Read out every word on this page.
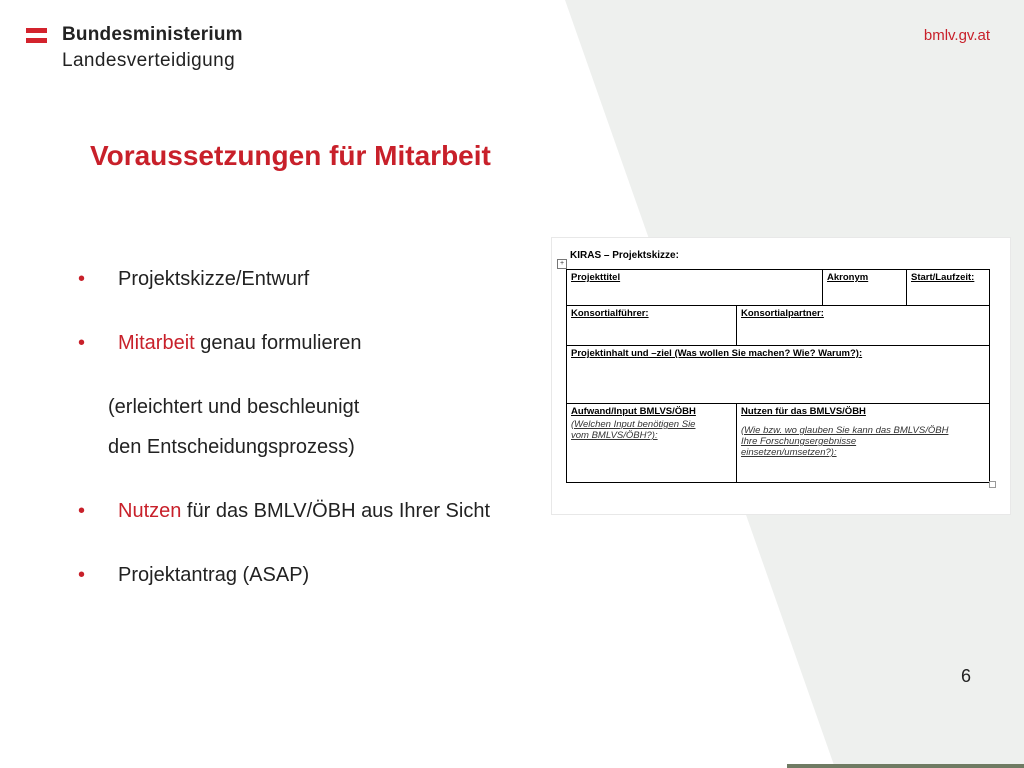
Bundesministerium
Landesverteidigung
bmlv.gv.at
Voraussetzungen für Mitarbeit
• Projektskizze/Entwurf
• Mitarbeit genau formulieren
(erleichtert und beschleunigt
den Entscheidungsprozess)
• Nutzen für das BMLV/ÖBH aus Ihrer Sicht
• Projektantrag (ASAP)
+
KIRAS – Projektskizze:
Projekttitel	Akronym	Start/Laufzeit:
Konsortialführer:	Konsortialpartner:
Projektinhalt und –ziel (Was wollen Sie machen? Wie? Warum?):
Aufwand/Input BMLVS/ÖBH
(Welchen Input benötigen Sie
vom BMLVS/ÖBH?):
Nutzen für das BMLVS/ÖBH
(Wie bzw. wo glauben Sie kann das BMLVS/ÖBH
Ihre Forschungsergebnisse
einsetzen/umsetzen?):
6
